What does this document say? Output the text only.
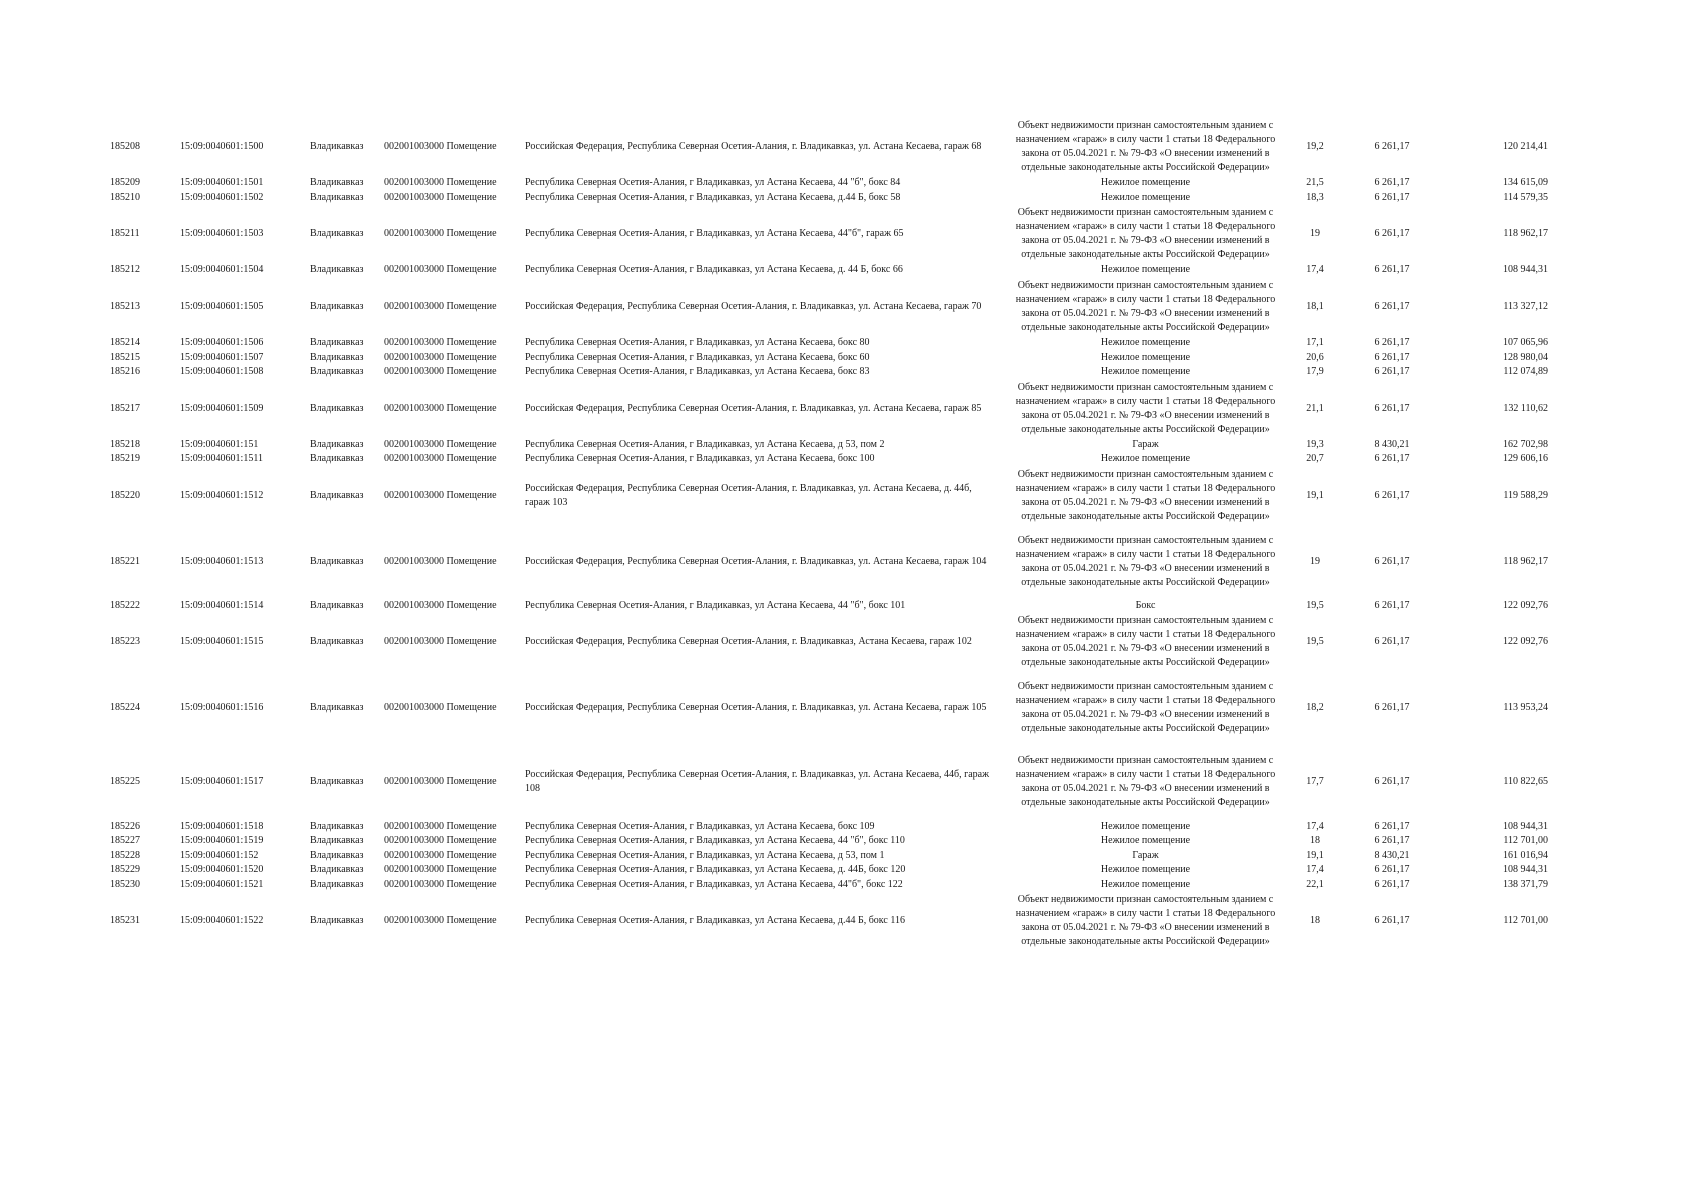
185208	15:09:0040601:1500	Владикавказ	002001003000 Помещение	Российская Федерация, Республика Северная Осетия-Алания, г. Владикавказ, ул. Астана Кесаева, гараж 68	Объект недвижимости признан самостоятельным зданием с назначением «гараж» в силу части 1 статьи 18 Федерального закона от 05.04.2021 г. № 79-ФЗ «О внесении изменений в отдельные законодательные акты Российской Федерации»	19,2	6 261,17	120 214,41
185209	15:09:0040601:1501	Владикавказ	002001003000 Помещение	Республика Северная Осетия-Алания, г Владикавказ, ул Астана Кесаева, 44 "б", бокс 84	Нежилое помещение	21,5	6 261,17	134 615,09
185210	15:09:0040601:1502	Владикавказ	002001003000 Помещение	Республика Северная Осетия-Алания, г Владикавказ, ул Астана Кесаева, д.44 Б, бокс 58	Нежилое помещение	18,3	6 261,17	114 579,35
185211	15:09:0040601:1503	Владикавказ	002001003000 Помещение	Республика Северная Осетия-Алания, г Владикавказ, ул Астана Кесаева, 44"б", гараж 65	Объект недвижимости признан самостоятельным зданием с назначением «гараж» в силу части 1 статьи 18 Федерального закона от 05.04.2021 г. № 79-ФЗ «О внесении изменений в отдельные законодательные акты Российской Федерации»	19	6 261,17	118 962,17
185212	15:09:0040601:1504	Владикавказ	002001003000 Помещение	Республика Северная Осетия-Алания, г Владикавказ, ул Астана Кесаева, д. 44 Б, бокс 66	Нежилое помещение	17,4	6 261,17	108 944,31
185213	15:09:0040601:1505	Владикавказ	002001003000 Помещение	Российская Федерация, Республика Северная Осетия-Алания, г. Владикавказ, ул. Астана Кесаева, гараж 70	Объект недвижимости признан самостоятельным зданием с назначением «гараж» в силу части 1 статьи 18 Федерального закона от 05.04.2021 г. № 79-ФЗ «О внесении изменений в отдельные законодательные акты Российской Федерации»	18,1	6 261,17	113 327,12
185214	15:09:0040601:1506	Владикавказ	002001003000 Помещение	Республика Северная Осетия-Алания, г Владикавказ, ул Астана Кесаева, бокс 80	Нежилое помещение	17,1	6 261,17	107 065,96
185215	15:09:0040601:1507	Владикавказ	002001003000 Помещение	Республика Северная Осетия-Алания, г Владикавказ, ул Астана Кесаева, бокс 60	Нежилое помещение	20,6	6 261,17	128 980,04
185216	15:09:0040601:1508	Владикавказ	002001003000 Помещение	Республика Северная Осетия-Алания, г Владикавказ, ул Астана Кесаева, бокс 83	Нежилое помещение	17,9	6 261,17	112 074,89
185217	15:09:0040601:1509	Владикавказ	002001003000 Помещение	Российская Федерация, Республика Северная Осетия-Алания, г. Владикавказ, ул. Астана Кесаева, гараж 85	Объект недвижимости признан самостоятельным зданием с назначением «гараж» в силу части 1 статьи 18 Федерального закона от 05.04.2021 г. № 79-ФЗ «О внесении изменений в отдельные законодательные акты Российской Федерации»	21,1	6 261,17	132 110,62
185218	15:09:0040601:151	Владикавказ	002001003000 Помещение	Республика Северная Осетия-Алания, г Владикавказ, ул Астана Кесаева, д 53, пом 2	Гараж	19,3	8 430,21	162 702,98
185219	15:09:0040601:1511	Владикавказ	002001003000 Помещение	Республика Северная Осетия-Алания, г Владикавказ, ул Астана Кесаева, бокс 100	Нежилое помещение	20,7	6 261,17	129 606,16
185220	15:09:0040601:1512	Владикавказ	002001003000 Помещение	Российская Федерация, Республика Северная Осетия-Алания, г. Владикавказ, ул. Астана Кесаева, д. 44б, гараж 103	Объект недвижимости признан самостоятельным зданием с назначением «гараж» в силу части 1 статьи 18 Федерального закона от 05.04.2021 г. № 79-ФЗ «О внесении изменений в отдельные законодательные акты Российской Федерации»	19,1	6 261,17	119 588,29
185221	15:09:0040601:1513	Владикавказ	002001003000 Помещение	Российская Федерация, Республика Северная Осетия-Алания, г. Владикавказ, ул. Астана Кесаева, гараж 104	Объект недвижимости признан самостоятельным зданием с назначением «гараж» в силу части 1 статьи 18 Федерального закона от 05.04.2021 г. № 79-ФЗ «О внесении изменений в отдельные законодательные акты Российской Федерации»	19	6 261,17	118 962,17
185222	15:09:0040601:1514	Владикавказ	002001003000 Помещение	Республика Северная Осетия-Алания, г Владикавказ, ул Астана Кесаева, 44 "б", бокс 101	Бокс	19,5	6 261,17	122 092,76
185223	15:09:0040601:1515	Владикавказ	002001003000 Помещение	Российская Федерация, Республика Северная Осетия-Алания, г. Владикавказ, Астана Кесаева, гараж 102	Объект недвижимости признан самостоятельным зданием с назначением «гараж» в силу части 1 статьи 18 Федерального закона от 05.04.2021 г. № 79-ФЗ «О внесении изменений в отдельные законодательные акты Российской Федерации»	19,5	6 261,17	122 092,76
185224	15:09:0040601:1516	Владикавказ	002001003000 Помещение	Российская Федерация, Республика Северная Осетия-Алания, г. Владикавказ, ул. Астана Кесаева, гараж 105	Объект недвижимости признан самостоятельным зданием с назначением «гараж» в силу части 1 статьи 18 Федерального закона от 05.04.2021 г. № 79-ФЗ «О внесении изменений в отдельные законодательные акты Российской Федерации»	18,2	6 261,17	113 953,24
185225	15:09:0040601:1517	Владикавказ	002001003000 Помещение	Российская Федерация, Республика Северная Осетия-Алания, г. Владикавказ, ул. Астана Кесаева, 44б, гараж 108	Объект недвижимости признан самостоятельным зданием с назначением «гараж» в силу части 1 статьи 18 Федерального закона от 05.04.2021 г. № 79-ФЗ «О внесении изменений в отдельные законодательные акты Российской Федерации»	17,7	6 261,17	110 822,65
185226	15:09:0040601:1518	Владикавказ	002001003000 Помещение	Республика Северная Осетия-Алания, г Владикавказ, ул Астана Кесаева, бокс 109	Нежилое помещение	17,4	6 261,17	108 944,31
185227	15:09:0040601:1519	Владикавказ	002001003000 Помещение	Республика Северная Осетия-Алания, г Владикавказ, ул Астана Кесаева, 44 "б", бокс 110	Нежилое помещение	18	6 261,17	112 701,00
185228	15:09:0040601:152	Владикавказ	002001003000 Помещение	Республика Северная Осетия-Алания, г Владикавказ, ул Астана Кесаева, д 53, пом 1	Гараж	19,1	8 430,21	161 016,94
185229	15:09:0040601:1520	Владикавказ	002001003000 Помещение	Республика Северная Осетия-Алания, г Владикавказ, ул Астана Кесаева, д. 44Б, бокс 120	Нежилое помещение	17,4	6 261,17	108 944,31
185230	15:09:0040601:1521	Владикавказ	002001003000 Помещение	Республика Северная Осетия-Алания, г Владикавказ, ул Астана Кесаева, 44"б", бокс 122	Нежилое помещение	22,1	6 261,17	138 371,79
185231	15:09:0040601:1522	Владикавказ	002001003000 Помещение	Республика Северная Осетия-Алания, г Владикавказ, ул Астана Кесаева, д.44 Б, бокс 116	Объект недвижимости признан самостоятельным зданием с назначением «гараж» в силу части 1 статьи 18 Федерального закона от 05.04.2021 г. № 79-ФЗ «О внесении изменений в отдельные законодательные акты Российской Федерации»	18	6 261,17	112 701,00
